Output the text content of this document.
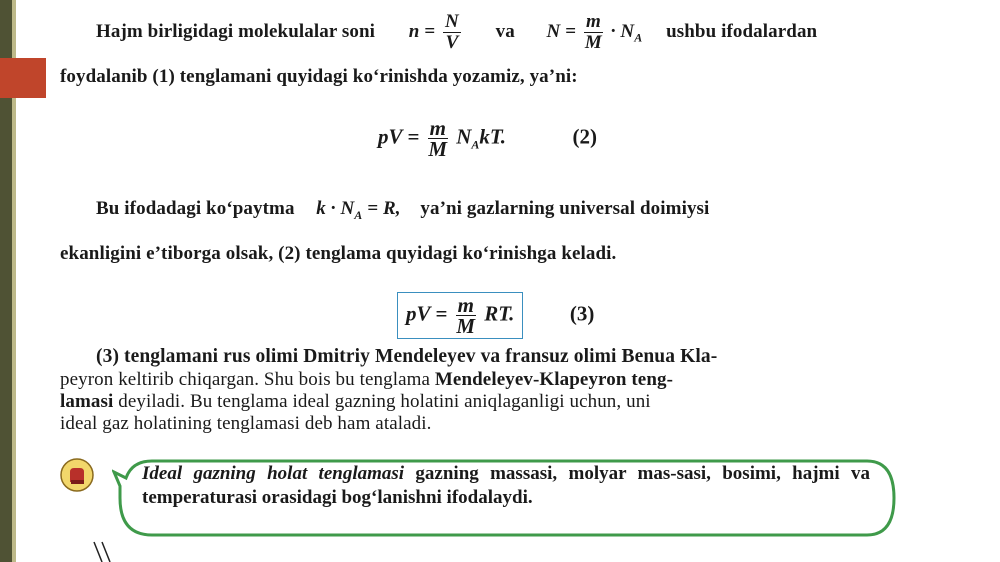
Hajm birligidagi molekulalar soni $n = \frac{N}{V}$ va $N = \frac{m}{M} \cdot N_A$ ushbu ifodalardan
foydalanib (1) tenglamani quyidagi ko‘rinishda yozamiz, ya’ni:
pV = $\frac{m}{M} N_AkT$.	(2)
Bu ifodadagi ko‘paytma $k \cdot N_A = R$, ya’ni gazlarning universal doimiysi
ekanligini e’tiborga olsak, (2) tenglama quyidagi ko‘rinishga keladi.
pV = $\frac{m}{M}$ RT.	(3)
(3) tenglamani rus olimi Dmitriy Mendeleyev va fransuz olimi Benua Kla-
peyron keltirib chiqargan. Shu bois bu tenglama Mendeleyev-Klapeyron teng-
lamasi deyiladi. Bu tenglama ideal gazning holatini aniqlaganligi uchun, uni
ideal gaz holatining tenglamasi deb ham ataladi.
Ideal gazning holat tenglamasi gazning massasi, molyar mas-sasi, bosimi, hajmi va temperaturasi orasidagi bog‘lanishni ifodalaydi.
